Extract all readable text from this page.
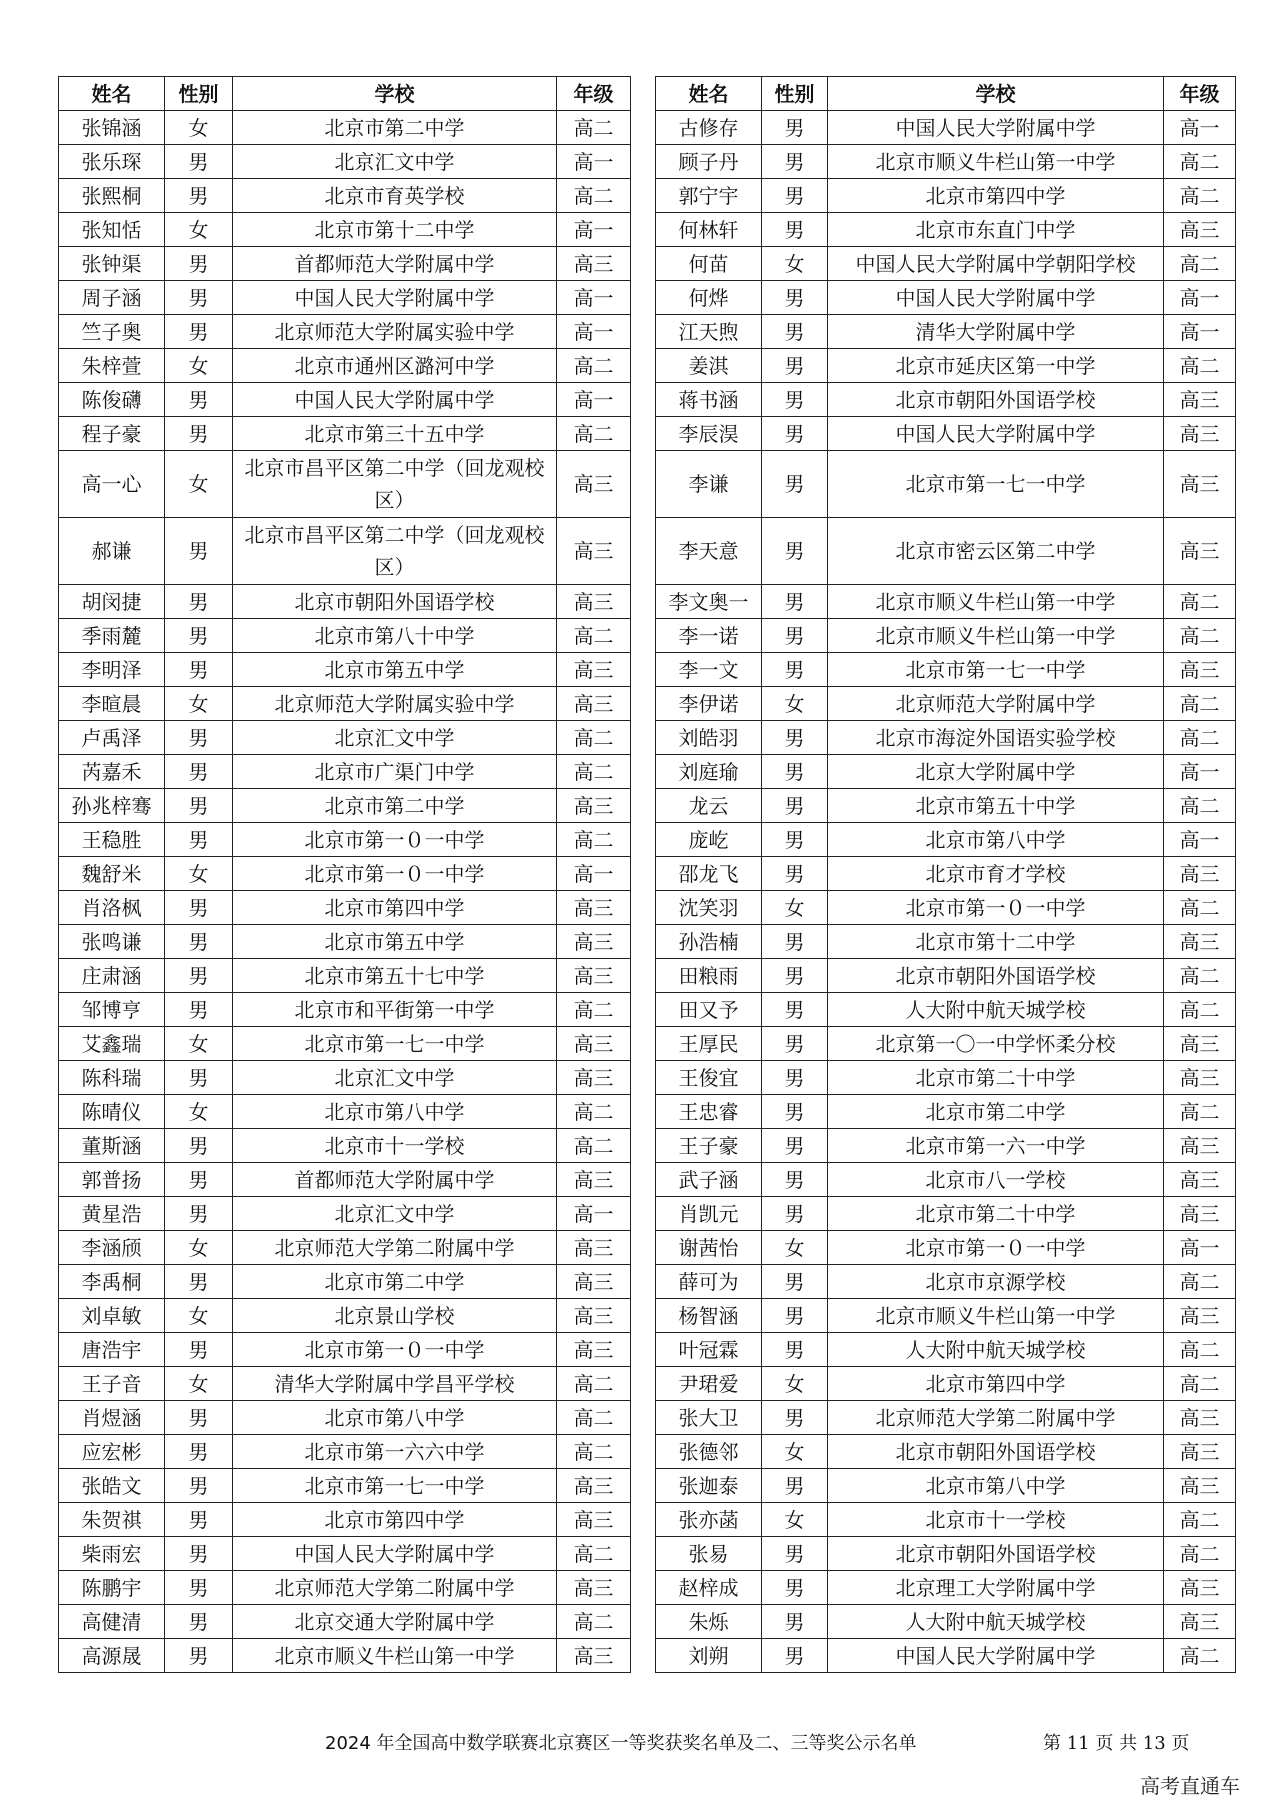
姓名	性别	学校	年级
张锦涵	女	北京市第二中学	高二
张乐琛	男	北京汇文中学	高一
张熙桐	男	北京市育英学校	高二
张知恬	女	北京市第十二中学	高一
张钟渠	男	首都师范大学附属中学	高三
周子涵	男	中国人民大学附属中学	高一
竺子奥	男	北京师范大学附属实验中学	高一
朱梓萱	女	北京市通州区潞河中学	高二
陈俊礴	男	中国人民大学附属中学	高一
程子豪	男	北京市第三十五中学	高二
高一心	女	北京市昌平区第二中学（回龙观校区）	高三
郝谦	男	北京市昌平区第二中学（回龙观校区）	高三
胡闵捷	男	北京市朝阳外国语学校	高三
季雨麓	男	北京市第八十中学	高二
李明泽	男	北京市第五中学	高三
李暄晨	女	北京师范大学附属实验中学	高三
卢禹泽	男	北京汇文中学	高二
芮嘉禾	男	北京市广渠门中学	高二
孙兆梓骞	男	北京市第二中学	高三
王稳胜	男	北京市第一０一中学	高二
魏舒米	女	北京市第一０一中学	高一
肖洛枫	男	北京市第四中学	高三
张鸣谦	男	北京市第五中学	高三
庄肃涵	男	北京市第五十七中学	高三
邹博亨	男	北京市和平街第一中学	高二
艾鑫瑞	女	北京市第一七一中学	高三
陈科瑞	男	北京汇文中学	高三
陈晴仪	女	北京市第八中学	高二
董斯涵	男	北京市十一学校	高二
郭普扬	男	首都师范大学附属中学	高三
黄星浩	男	北京汇文中学	高一
李涵颀	女	北京师范大学第二附属中学	高三
李禹桐	男	北京市第二中学	高三
刘卓敏	女	北京景山学校	高三
唐浩宇	男	北京市第一０一中学	高三
王子音	女	清华大学附属中学昌平学校	高二
肖煜涵	男	北京市第八中学	高二
应宏彬	男	北京市第一六六中学	高二
张皓文	男	北京市第一七一中学	高三
朱贺祺	男	北京市第四中学	高三
柴雨宏	男	中国人民大学附属中学	高二
陈鹏宇	男	北京师范大学第二附属中学	高三
高健清	男	北京交通大学附属中学	高二
高源晟	男	北京市顺义牛栏山第一中学	高三
姓名	性别	学校	年级
古修存	男	中国人民大学附属中学	高一
顾子丹	男	北京市顺义牛栏山第一中学	高二
郭宁宇	男	北京市第四中学	高二
何林轩	男	北京市东直门中学	高三
何苗	女	中国人民大学附属中学朝阳学校	高二
何烨	男	中国人民大学附属中学	高一
江天煦	男	清华大学附属中学	高一
姜淇	男	北京市延庆区第一中学	高二
蒋书涵	男	北京市朝阳外国语学校	高三
李辰淏	男	中国人民大学附属中学	高三
李谦	男	北京市第一七一中学	高三
李天意	男	北京市密云区第二中学	高三
李文奥一	男	北京市顺义牛栏山第一中学	高二
李一诺	男	北京市顺义牛栏山第一中学	高二
李一文	男	北京市第一七一中学	高三
李伊诺	女	北京师范大学附属中学	高二
刘皓羽	男	北京市海淀外国语实验学校	高二
刘庭瑜	男	北京大学附属中学	高一
龙云	男	北京市第五十中学	高二
庞屹	男	北京市第八中学	高一
邵龙飞	男	北京市育才学校	高三
沈笑羽	女	北京市第一０一中学	高二
孙浩楠	男	北京市第十二中学	高三
田粮雨	男	北京市朝阳外国语学校	高二
田又予	男	人大附中航天城学校	高二
王厚民	男	北京第一〇一中学怀柔分校	高三
王俊宜	男	北京市第二十中学	高三
王忠睿	男	北京市第二中学	高二
王子豪	男	北京市第一六一中学	高三
武子涵	男	北京市八一学校	高三
肖凯元	男	北京市第二十中学	高三
谢茜怡	女	北京市第一０一中学	高一
薛可为	男	北京市京源学校	高二
杨智涵	男	北京市顺义牛栏山第一中学	高三
叶冠霖	男	人大附中航天城学校	高二
尹珺爱	女	北京市第四中学	高二
张大卫	男	北京师范大学第二附属中学	高三
张德邻	女	北京市朝阳外国语学校	高三
张迦泰	男	北京市第八中学	高三
张亦菡	女	北京市十一学校	高二
张易	男	北京市朝阳外国语学校	高二
赵梓成	男	北京理工大学附属中学	高三
朱烁	男	人大附中航天城学校	高三
刘朔	男	中国人民大学附属中学	高二
2024 年全国高中数学联赛北京赛区一等奖获奖名单及二、三等奖公示名单	第 11 页 共 13 页
高考直通车
